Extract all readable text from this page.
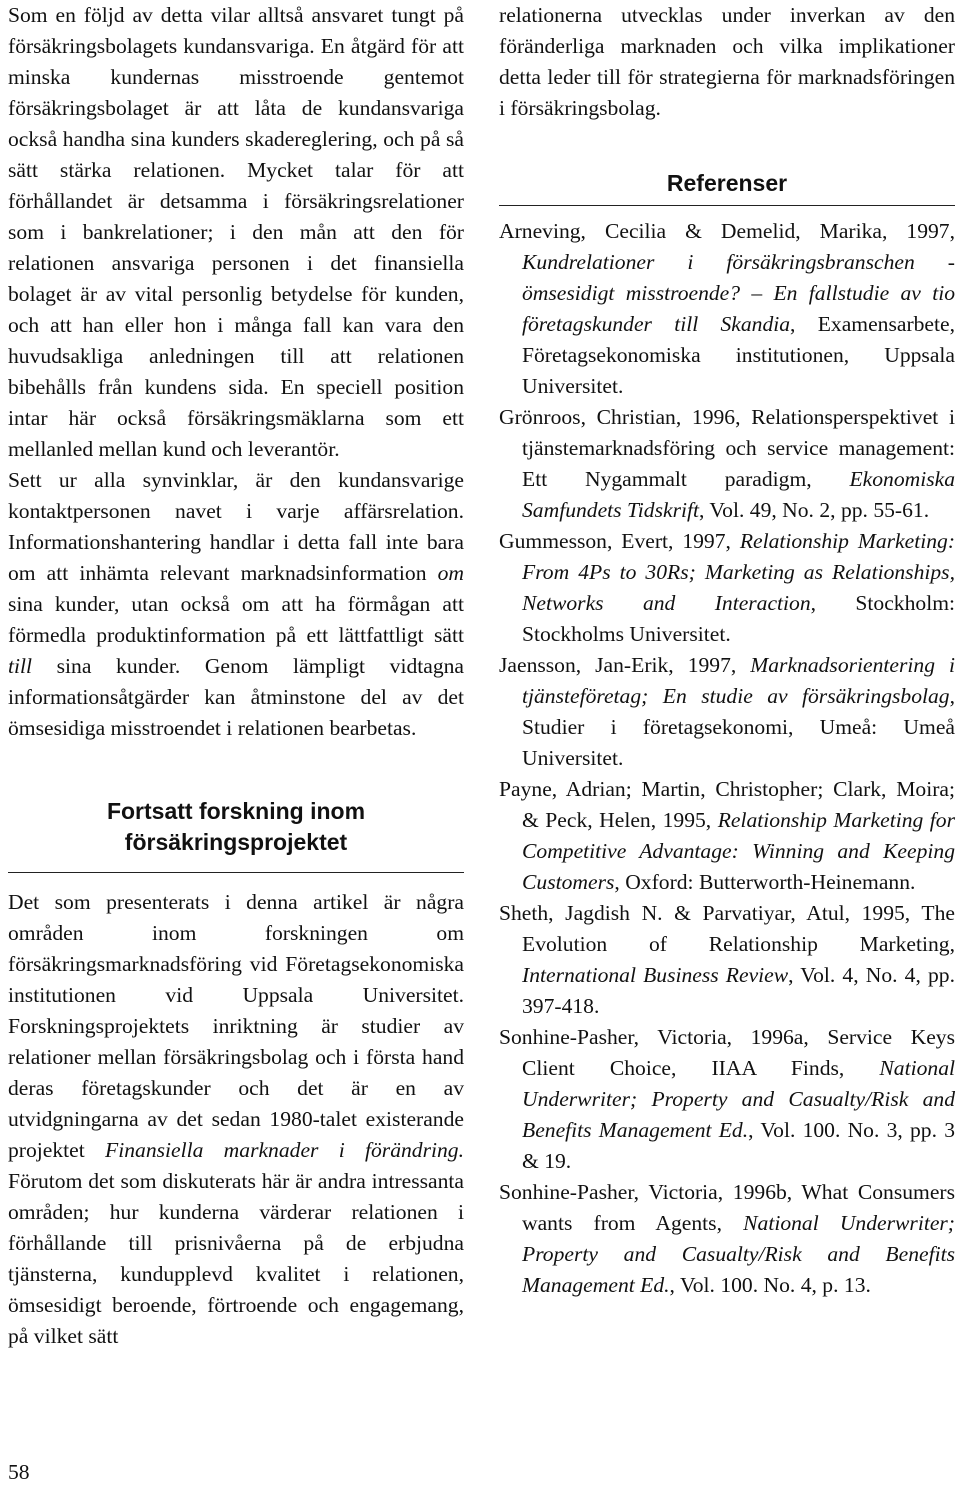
Som en följd av detta vilar alltså ansvaret tungt på försäkringsbolagets kundansvariga. En åtgärd för att minska kundernas misstroende gentemot försäkringsbolaget är att låta de kundansvariga också handha sina kunders skadereglering, och på så sätt stärka relationen. Mycket talar för att förhållandet är detsamma i försäkringsrelationer som i bankrelationer; i den mån att den för relationen ansvariga personen i det finansiella bolaget är av vital personlig betydelse för kunden, och att han eller hon i många fall kan vara den huvudsakliga anledningen till att relationen bibehålls från kundens sida. En speciell position intar här också försäkringsmäklarna som ett mellanled mellan kund och leverantör.

Sett ur alla synvinklar, är den kundansvarige kontaktpersonen navet i varje affärsrelation. Informationshantering handlar i detta fall inte bara om att inhämta relevant marknadsinformation om sina kunder, utan också om att ha förmågan att förmedla produktinformation på ett lättfattligt sätt till sina kunder. Genom lämpligt vidtagna informationsåtgärder kan åtminstone del av det ömsesidiga misstroendet i relationen bearbetas.

Fortsatt forskning inom
försäkringsprojektet

Det som presenterats i denna artikel är några områden inom forskningen om försäkringsmarknadsföring vid Företagsekonomiska institutionen vid Uppsala Universitet. Forskningsprojektets inriktning är studier av relationer mellan försäkringsbolag och i första hand deras företagskunder och det är en av utvidgningarna av det sedan 1980-talet existerande projektet Finansiella marknader i förändring. Förutom det som diskuterats här är andra intressanta områden; hur kunderna värderar relationen i förhållande till prisnivåerna på de erbjudna tjänsterna, kundupplevd kvalitet i relationen, ömsesidigt beroende, förtroende och engagemang, på vilket sätt

relationerna utvecklas under inverkan av den föränderliga marknaden och vilka implikationer detta leder till för strategierna för marknadsföringen i försäkringsbolag.

Referenser

Arneving, Cecilia & Demelid, Marika, 1997, Kundrelationer i försäkringsbranschen - ömsesidigt misstroende? – En fallstudie av tio företagskunder till Skandia, Examensarbete, Företagsekonomiska institutionen, Uppsala Universitet.

Grönroos, Christian, 1996, Relationsperspektivet i tjänstemarknadsföring och service management: Ett Nygammalt paradigm, Ekonomiska Samfundets Tidskrift, Vol. 49, No. 2, pp. 55-61.

Gummesson, Evert, 1997, Relationship Marketing: From 4Ps to 30Rs; Marketing as Relationships, Networks and Interaction, Stockholm: Stockholms Universitet.

Jaensson, Jan-Erik, 1997, Marknadsorientering i tjänsteföretag; En studie av försäkringsbolag, Studier i företagsekonomi, Umeå: Umeå Universitet.

Payne, Adrian; Martin, Christopher; Clark, Moira; & Peck, Helen, 1995, Relationship Marketing for Competitive Advantage: Winning and Keeping Customers, Oxford: Butterworth-Heinemann.

Sheth, Jagdish N. & Parvatiyar, Atul, 1995, The Evolution of Relationship Marketing, International Business Review, Vol. 4, No. 4, pp. 397-418.

Sonhine-Pasher, Victoria, 1996a, Service Keys Client Choice, IIAA Finds, National Underwriter; Property and Casualty/Risk and Benefits Management Ed., Vol. 100. No. 3, pp. 3 & 19.

Sonhine-Pasher, Victoria, 1996b, What Consumers wants from Agents, National Underwriter; Property and Casualty/Risk and Benefits Management Ed., Vol. 100. No. 4, p. 13.

58
